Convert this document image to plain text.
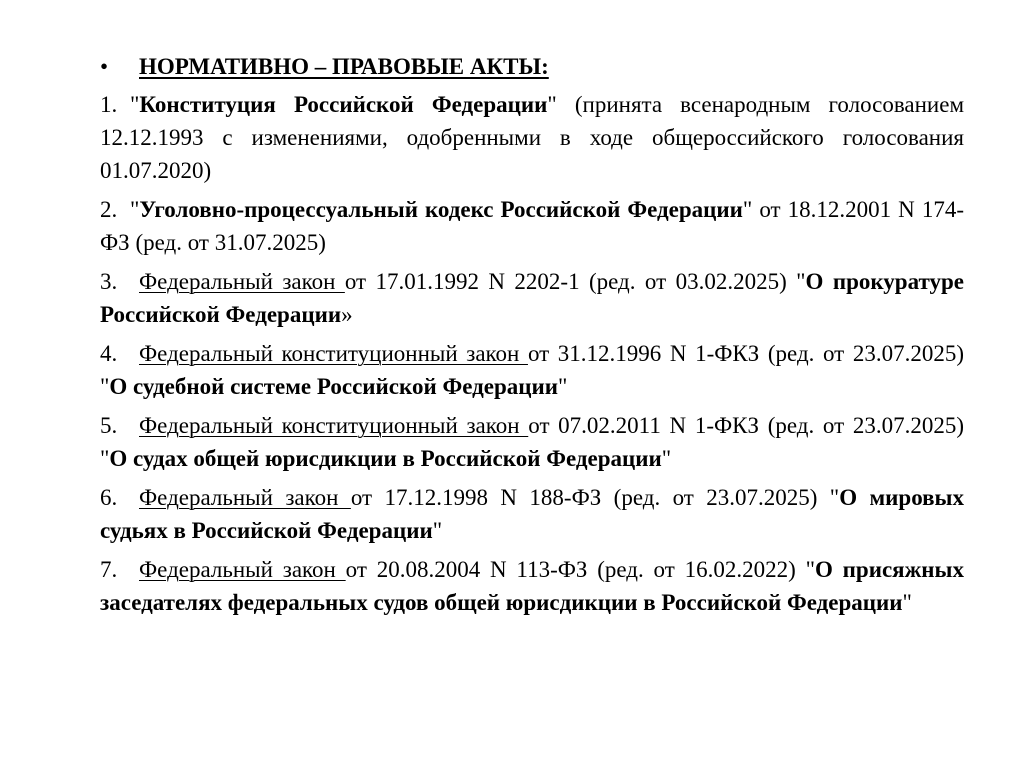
•	НОРМАТИВНО – ПРАВОВЫЕ АКТЫ:
1. "Конституция Российской Федерации" (принята всенародным голосованием 12.12.1993 с изменениями, одобренными в ходе общероссийского голосования 01.07.2020)
2. "Уголовно-процессуальный кодекс Российской Федерации" от 18.12.2001 N 174-ФЗ (ред. от 31.07.2025)
3. Федеральный закон от 17.01.1992 N 2202-1 (ред. от 03.02.2025) "О прокуратуре Российской Федерации»
4. Федеральный конституционный закон от 31.12.1996 N 1-ФКЗ (ред. от 23.07.2025) "О судебной системе Российской Федерации"
5. Федеральный конституционный закон от 07.02.2011 N 1-ФКЗ (ред. от 23.07.2025) "О судах общей юрисдикции в Российской Федерации"
6. Федеральный закон от 17.12.1998 N 188-ФЗ (ред. от 23.07.2025) "О мировых судьях в Российской Федерации"
7. Федеральный закон от 20.08.2004 N 113-ФЗ (ред. от 16.02.2022) "О присяжных заседателях федеральных судов общей юрисдикции в Российской Федерации"
